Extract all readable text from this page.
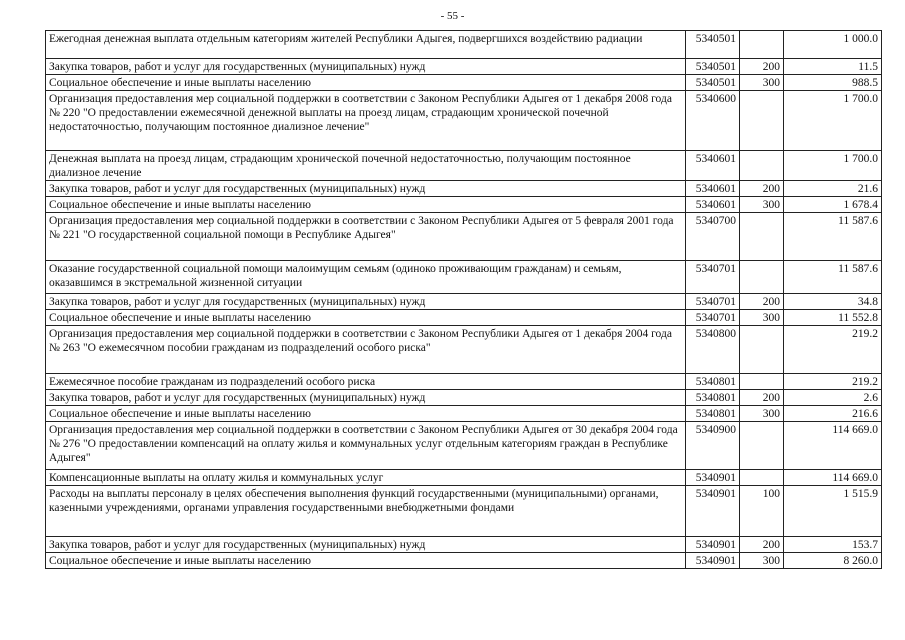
- 55 -
Ежегодная денежная выплата отдельным категориям жителей Республики Адыгея, подвергшихся воздействию радиации	5340501		1 000.0
Закупка товаров, работ и услуг для государственных (муниципальных) нужд	5340501	200	11.5
Социальное обеспечение и иные выплаты населению	5340501	300	988.5
Организация предоставления мер социальной поддержки в соответствии с Законом Республики Адыгея от 1 декабря 2008 года № 220 "О предоставлении ежемесячной денежной выплаты на проезд лицам, страдающим хронической почечной недостаточностью, получающим постоянное диализное лечение"	5340600		1 700.0
Денежная выплата на проезд лицам, страдающим хронической почечной недостаточностью, получающим постоянное диализное лечение	5340601		1 700.0
Закупка товаров, работ и услуг для государственных (муниципальных) нужд	5340601	200	21.6
Социальное обеспечение и иные выплаты населению	5340601	300	1 678.4
Организация предоставления мер социальной поддержки в соответствии с Законом Республики Адыгея от 5 февраля 2001 года № 221 "О государственной социальной помощи в Республике Адыгея"	5340700		11 587.6
Оказание государственной социальной помощи малоимущим семьям (одиноко проживающим гражданам) и семьям, оказавшимся в экстремальной жизненной ситуации	5340701		11 587.6
Закупка товаров, работ и услуг для государственных (муниципальных) нужд	5340701	200	34.8
Социальное обеспечение и иные выплаты населению	5340701	300	11 552.8
Организация предоставления мер социальной поддержки в соответствии с Законом Республики Адыгея от 1 декабря 2004 года № 263 "О ежемесячном пособии гражданам из подразделений особого риска"	5340800		219.2
Ежемесячное пособие гражданам из подразделений особого риска	5340801		219.2
Закупка товаров, работ и услуг для государственных (муниципальных) нужд	5340801	200	2.6
Социальное обеспечение и иные выплаты населению	5340801	300	216.6
Организация предоставления мер социальной поддержки в соответствии с Законом Республики Адыгея от 30 декабря 2004 года № 276 "О предоставлении компенсаций на оплату жилья и коммунальных услуг отдельным категориям граждан в Республике Адыгея"	5340900		114 669.0
Компенсационные выплаты на оплату жилья и коммунальных услуг	5340901		114 669.0
Расходы на выплаты персоналу в целях обеспечения выполнения функций государственными (муниципальными) органами, казенными учреждениями, органами управления государственными внебюджетными фондами	5340901	100	1 515.9
Закупка товаров, работ и услуг для государственных (муниципальных) нужд	5340901	200	153.7
Социальное обеспечение и иные выплаты населению	5340901	300	8 260.0
